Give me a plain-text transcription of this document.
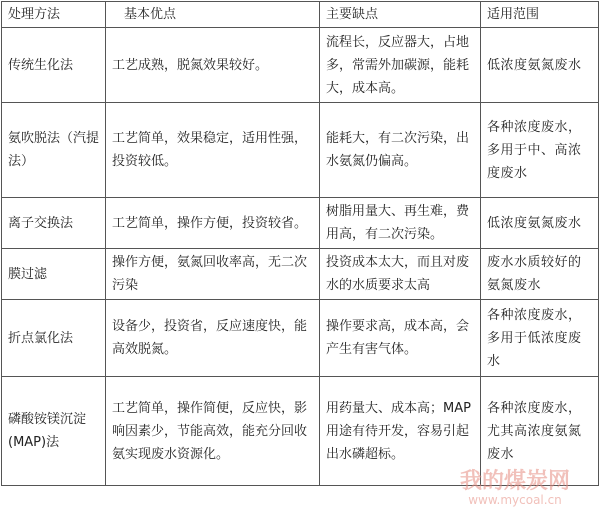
处理方法	基本优点	主要缺点	适用范围
传统生化法	工艺成熟，脱氮效果较好。	流程长，反应器大，占地多，常需外加碳源，能耗大，成本高。	低浓度氨氮废水
氨吹脱法（汽提法）	工艺简单，效果稳定，适用性强，投资较低。	能耗大，有二次污染，出水氨氮仍偏高。	各种浓度废水，多用于中、高浓度废水
离子交换法	工艺简单，操作方便，投资较省。	树脂用量大、再生难，费用高，有二次污染。	低浓度氨氮废水
膜过滤	操作方便，氨氮回收率高，无二次污染	投资成本太大，而且对废水的水质要求太高	废水水质较好的氨氮废水
折点氯化法	设备少，投资省，反应速度快，能高效脱氮。	操作要求高，成本高，会产生有害气体。	各种浓度废水，多用于低浓度废水
磷酸铵镁沉淀(MAP)法	工艺简单，操作简便，反应快，影响因素少，节能高效，能充分回收氨实现废水资源化。	用药量大、成本高；MAP用途有待开发，容易引起出水磷超标。	各种浓度废水，尤其高浓度氨氮废水
我的煤炭网
www.mycoal.cn
